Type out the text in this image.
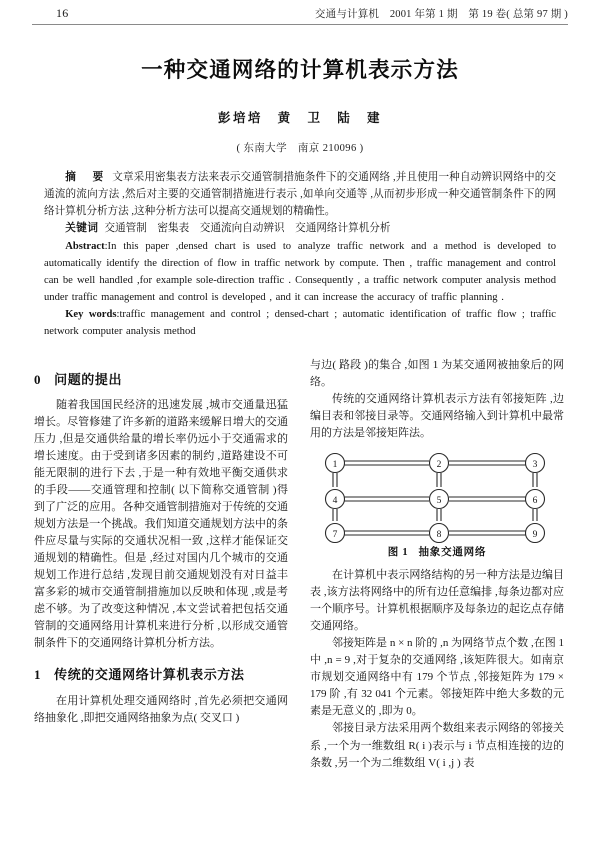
16	交通与计算机　2001 年第 1 期　第 19 卷( 总第 97 期 )
一种交通网络的计算机表示方法
彭培培　黄　卫　陆　建
( 东南大学　南京 210096 )

摘　要 文章采用密集表方法来表示交通管制措施条件下的交通网络 ,并且使用一种自动辨识网络中的交通流的流向方法 ,然后对主要的交通管制措施进行表示 ,如单向交通等 ,从而初步形成一种交通管制条件下的网络计算机分析方法 ,这种分析方法可以提高交通规划的精确性。

关键词 交通管制　密集表　交通流向自动辨识　交通网络计算机分析

Abstract:In this paper ,densed chart is used to analyze traffic network and a method is developed to automatically identify the direction of flow in traffic network by compute. Then , traffic management and control can be well handled ,for example sole-direction traffic . Consequently , a traffic network computer analysis method under traffic management and control is developed , and it can increase the accuracy of traffic planning .

Key words:traffic management and control ; densed-chart ; automatic identification of traffic flow ; traffic network computer analysis method

0 问题的提出

随着我国国民经济的迅速发展 ,城市交通量迅猛增长。尽管修建了许多新的道路来缓解日增大的交通压力 ,但是交通供给量的增长率仍远小于交通需求的增长速度。由于受到诸多因素的制约 ,道路建设不可能无限制的进行下去 ,于是一种有效地平衡交通供求的手段——交通管理和控制( 以下简称交通管制 )得到了广泛的应用。各种交通管制措施对于传统的交通规划方法是一个挑战。我们知道交通规划方法中的条件应尽量与实际的交通状况相一致 ,这样才能保证交通规划的精确性。但是 ,经过对国内几个城市的交通规划工作进行总结 ,发现目前交通规划没有对日益丰富多彩的城市交通管制措施加以反映和体现 ,或是考虑不够。为了改变这种情况 ,本文尝试着把包括交通管制的交通网络用计算机来进行分析 ,以形成交通管制条件下的交通网络计算机分析方法。

1 传统的交通网络计算机表示方法

在用计算机处理交通网络时 ,首先必须把交通网络抽象化 ,即把交通网络抽象为点( 交叉口 )

与边( 路段 )的集合 ,如图 1 为某交通网被抽象后的网络。

传统的交通网络计算机表示方法有邻接矩阵 ,边编目表和邻接目录等。交通网络输入到计算机中最常用的方法是邻接矩阵法。

1	2	3
4	5	6
7	8	9
图 1 抽象交通网络

在计算机中表示网络结构的另一种方法是边编目表 ,该方法将网络中的所有边任意编排 ,每条边都对应一个顺序号。计算机根据顺序及每条边的起讫点存储交通网络。

邻接矩阵是 n × n 阶的 ,n 为网络节点个数 ,在图 1 中 ,n = 9 ,对于复杂的交通网络 ,该矩阵很大。如南京市规划交通网络中有 179 个节点 ,邻接矩阵为 179 × 179 阶 ,有 32 041 个元素。邻接矩阵中绝大多数的元素是无意义的 ,即为 0。

邻接目录方法采用两个数组来表示网络的邻接关系 ,一个为一维数组 R( i )表示与 i 节点相连接的边的条数 ,另一个为二维数组 V( i ,j ) 表
